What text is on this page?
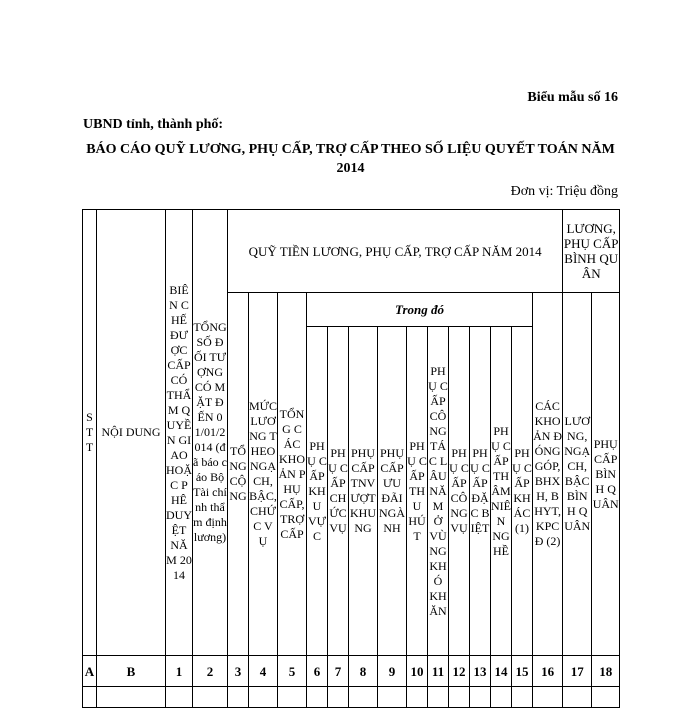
Biểu mẫu số 16
UBND tỉnh, thành phố:
BÁO CÁO QUỸ LƯƠNG, PHỤ CẤP, TRỢ CẤP THEO SỐ LIỆU QUYẾT TOÁN NĂM 2014
Đơn vị: Triệu đồng
STT	NỘI DUNG	BIÊN CHẾ ĐƯỢC CẤP CÓ THẨM QUYỀN GIAO HOẶC PHÊ DUYỆT NĂM 2014	TỔNG SỐ ĐỐI TƯỢNG CÓ MẶT ĐẾN 01/01/2014 (đã báo cáo Bộ Tài chính thẩm định lương)	QUỸ TIỀN LƯƠNG, PHỤ CẤP, TRỢ CẤP NĂM 2014														LƯƠNG, PHỤ CẤP BÌNH QUÂN	
				TỔNG CỘNG	MỨC LƯƠNG THEO NGẠCH, BẬC, CHỨC VỤ	TỔNG CÁC KHOẢN PHỤ CẤP, TRỢ CẤP	Trong đó										CÁC KHOẢN ĐÓNG GÓP, BHXH, BHYT, KPCĐ (2)	LƯƠNG, NGẠCH, BẬC BÌNH QUÂN	PHỤ CẤP BÌNH QUÂN
							PHỤ CẤP KHU VỰC	PHỤ CẤP CHỨC VỤ	PHỤ CẤP TNVƯỢT KHUNG	PHỤ CẤP ƯU ĐÃI NGÀNH	PHỤ CẤP THU HÚT	PHỤ CẤP CÔNG TÁC LÂU NĂM Ở VÙNG KHÓ KHĂN	PHỤ CẤP CÔNG VỤ	PHỤ CẤP ĐẶC BIỆT	PHỤ CẤP THÂM NIÊN NGHỀ	PHỤ CẤP KHÁC (1)			
A	B	1	2	3	4	5	6	7	8	9	10	11	12	13	14	15	16	17	18
